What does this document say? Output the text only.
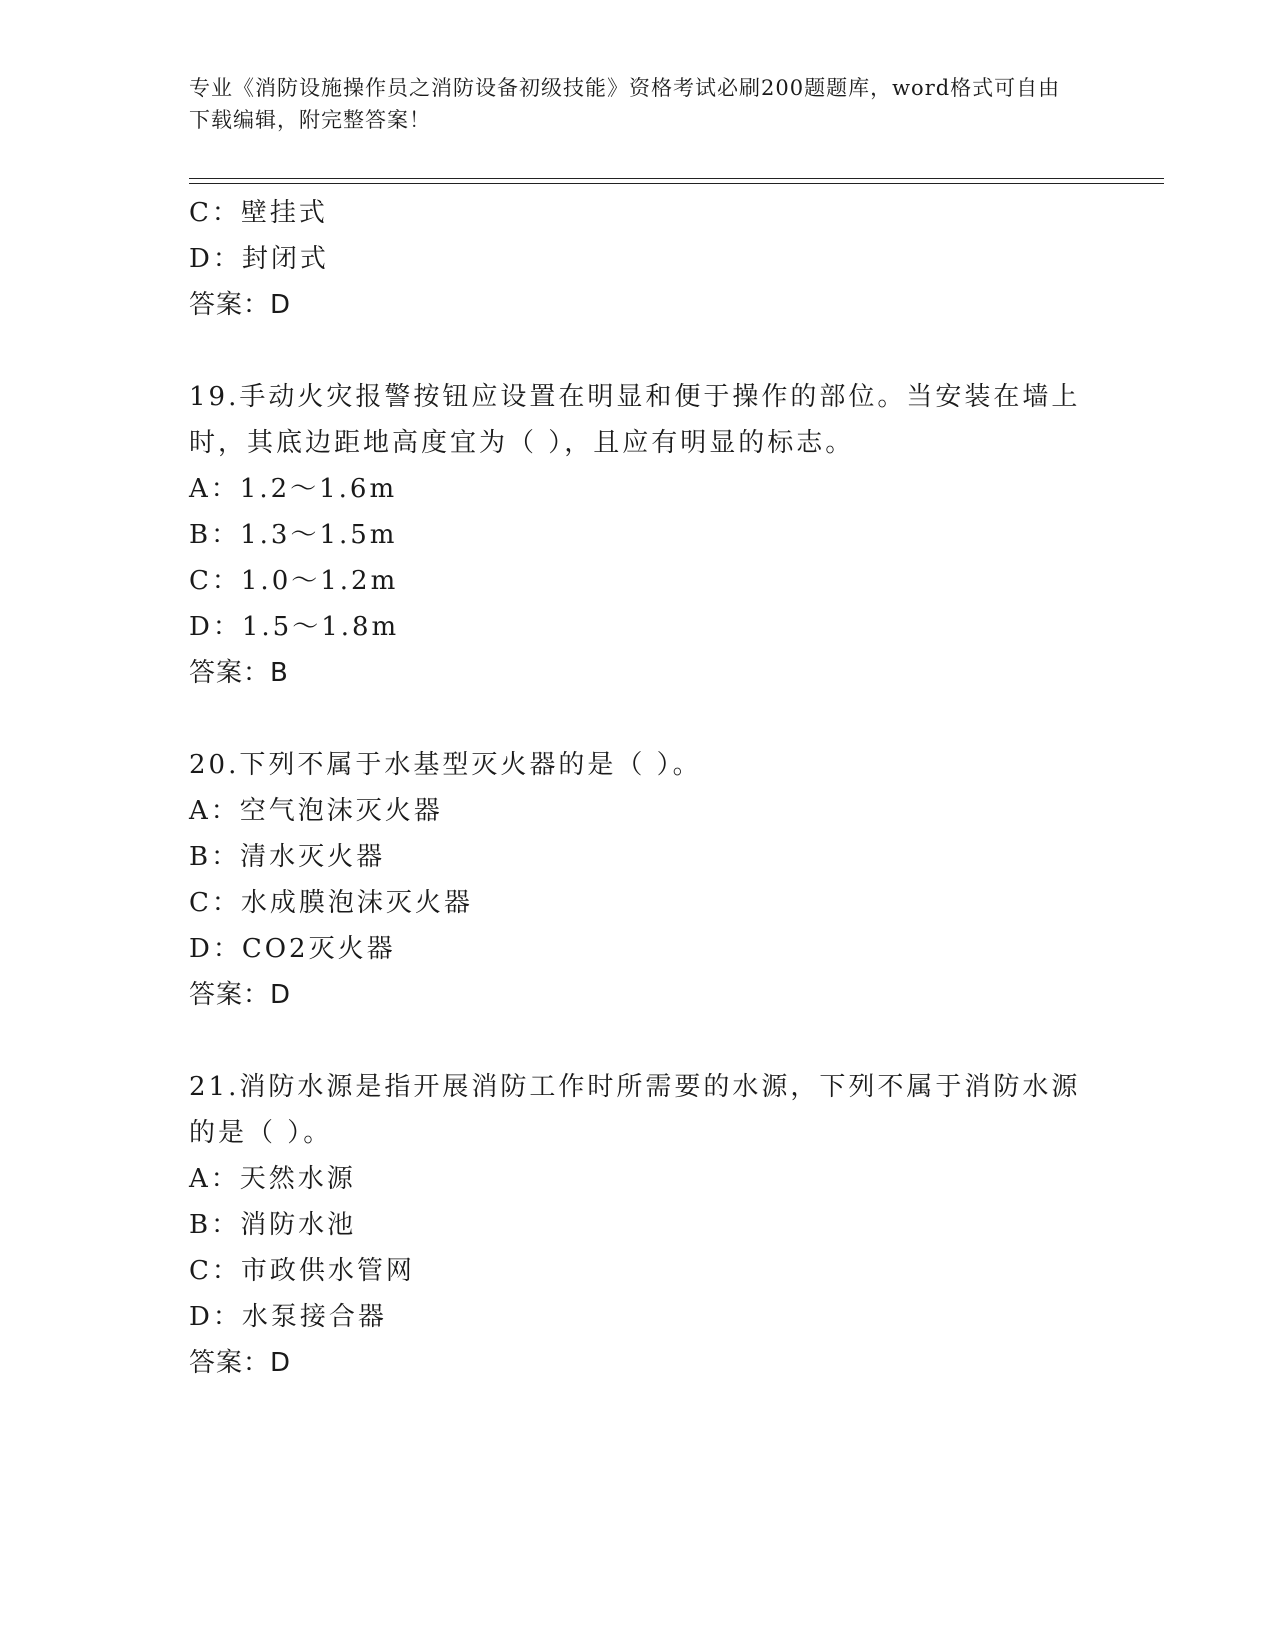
专业《消防设施操作员之消防设备初级技能》资格考试必刷200题题库，word格式可自由下载编辑，附完整答案！
C：壁挂式
D：封闭式
答案：D
19.手动火灾报警按钮应设置在明显和便于操作的部位。当安装在墙上时，其底边距地高度宜为（ ），且应有明显的标志。
A：1.2～1.6m
B：1.3～1.5m
C：1.0～1.2m
D：1.5～1.8m
答案：B
20.下列不属于水基型灭火器的是（ ）。
A：空气泡沫灭火器
B：清水灭火器
C：水成膜泡沫灭火器
D：CO2灭火器
答案：D
21.消防水源是指开展消防工作时所需要的水源，下列不属于消防水源的是（ ）。
A：天然水源
B：消防水池
C：市政供水管网
D：水泵接合器
答案：D
